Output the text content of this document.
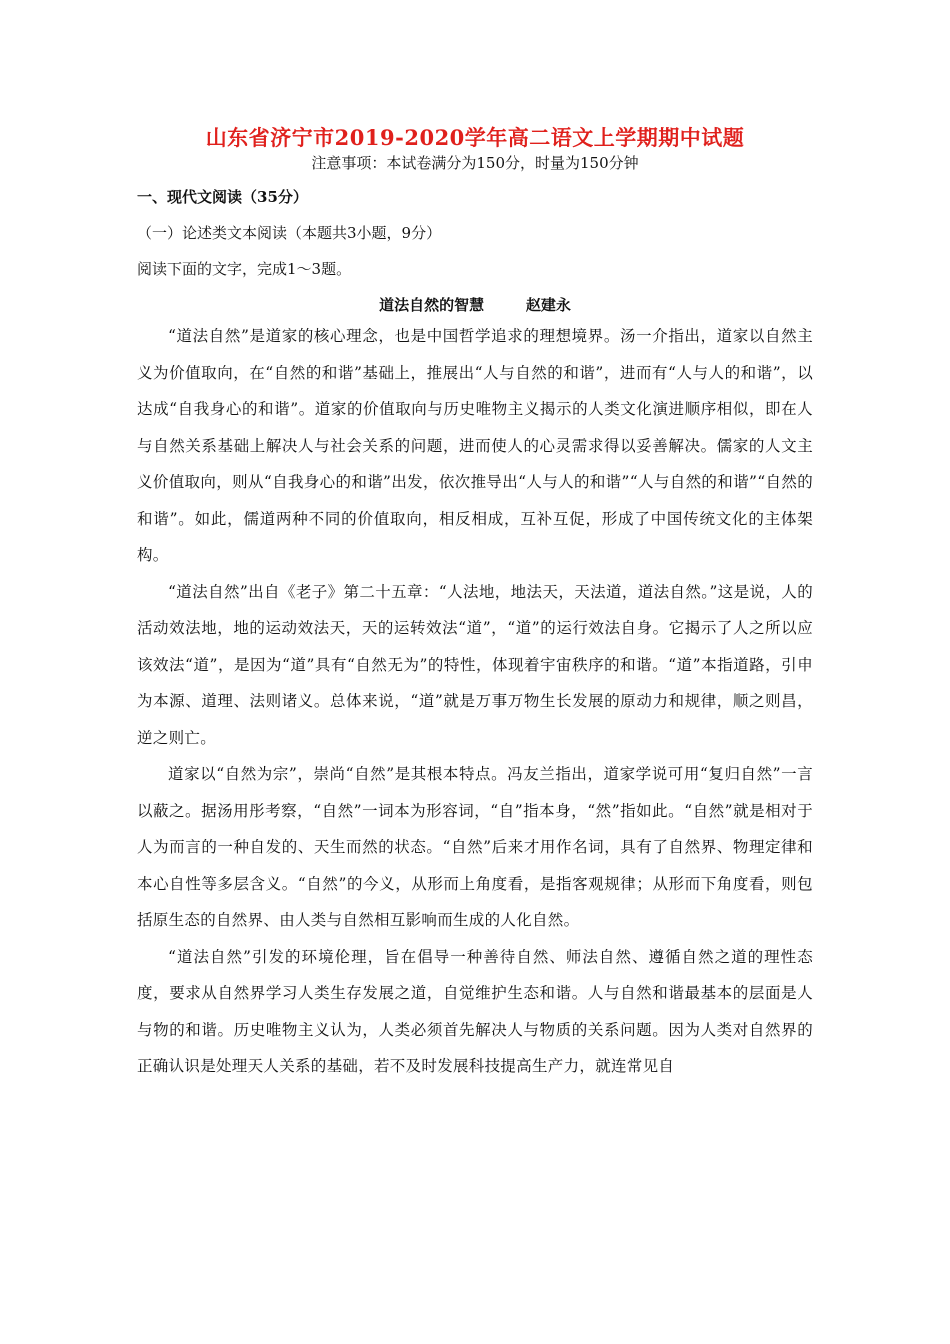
山东省济宁市2019-2020学年高二语文上学期期中试题
注意事项：本试卷满分为150分，时量为150分钟
一、现代文阅读（35分）
（一）论述类文本阅读（本题共3小题，9分）
阅读下面的文字，完成1～3题。
道法自然的智慧        赵建永

“道法自然”是道家的核心理念，也是中国哲学追求的理想境界。汤一介指出，道家以自然主义为价值取向，在“自然的和谐”基础上，推展出“人与自然的和谐”，进而有“人与人的和谐”，以达成“自我身心的和谐”。道家的价值取向与历史唯物主义揭示的人类文化演进顺序相似，即在人与自然关系基础上解决人与社会关系的问题，进而使人的心灵需求得以妥善解决。儒家的人文主义价值取向，则从“自我身心的和谐”出发，依次推导出“人与人的和谐”“人与自然的和谐”“自然的和谐”。如此，儒道两种不同的价值取向，相反相成，互补互促，形成了中国传统文化的主体架构。

“道法自然”出自《老子》第二十五章：“人法地，地法天，天法道，道法自然。”这是说，人的活动效法地，地的运动效法天，天的运转效法“道”，“道”的运行效法自身。它揭示了人之所以应该效法“道”，是因为“道”具有“自然无为”的特性，体现着宇宙秩序的和谐。“道”本指道路，引申为本源、道理、法则诸义。总体来说，“道”就是万事万物生长发展的原动力和规律，顺之则昌，逆之则亡。

道家以“自然为宗”，崇尚“自然”是其根本特点。冯友兰指出，道家学说可用“复归自然”一言以蔽之。据汤用彤考察，“自然”一词本为形容词，“自”指本身，“然”指如此。“自然”就是相对于人为而言的一种自发的、天生而然的状态。“自然”后来才用作名词，具有了自然界、物理定律和本心自性等多层含义。“自然”的今义，从形而上角度看，是指客观规律；从形而下角度看，则包括原生态的自然界、由人类与自然相互影响而生成的人化自然。

“道法自然”引发的环境伦理，旨在倡导一种善待自然、师法自然、遵循自然之道的理性态度，要求从自然界学习人类生存发展之道，自觉维护生态和谐。人与自然和谐最基本的层面是人与物的和谐。历史唯物主义认为，人类必须首先解决人与物质的关系问题。因为人类对自然界的正确认识是处理天人关系的基础，若不及时发展科技提高生产力，就连常见自
